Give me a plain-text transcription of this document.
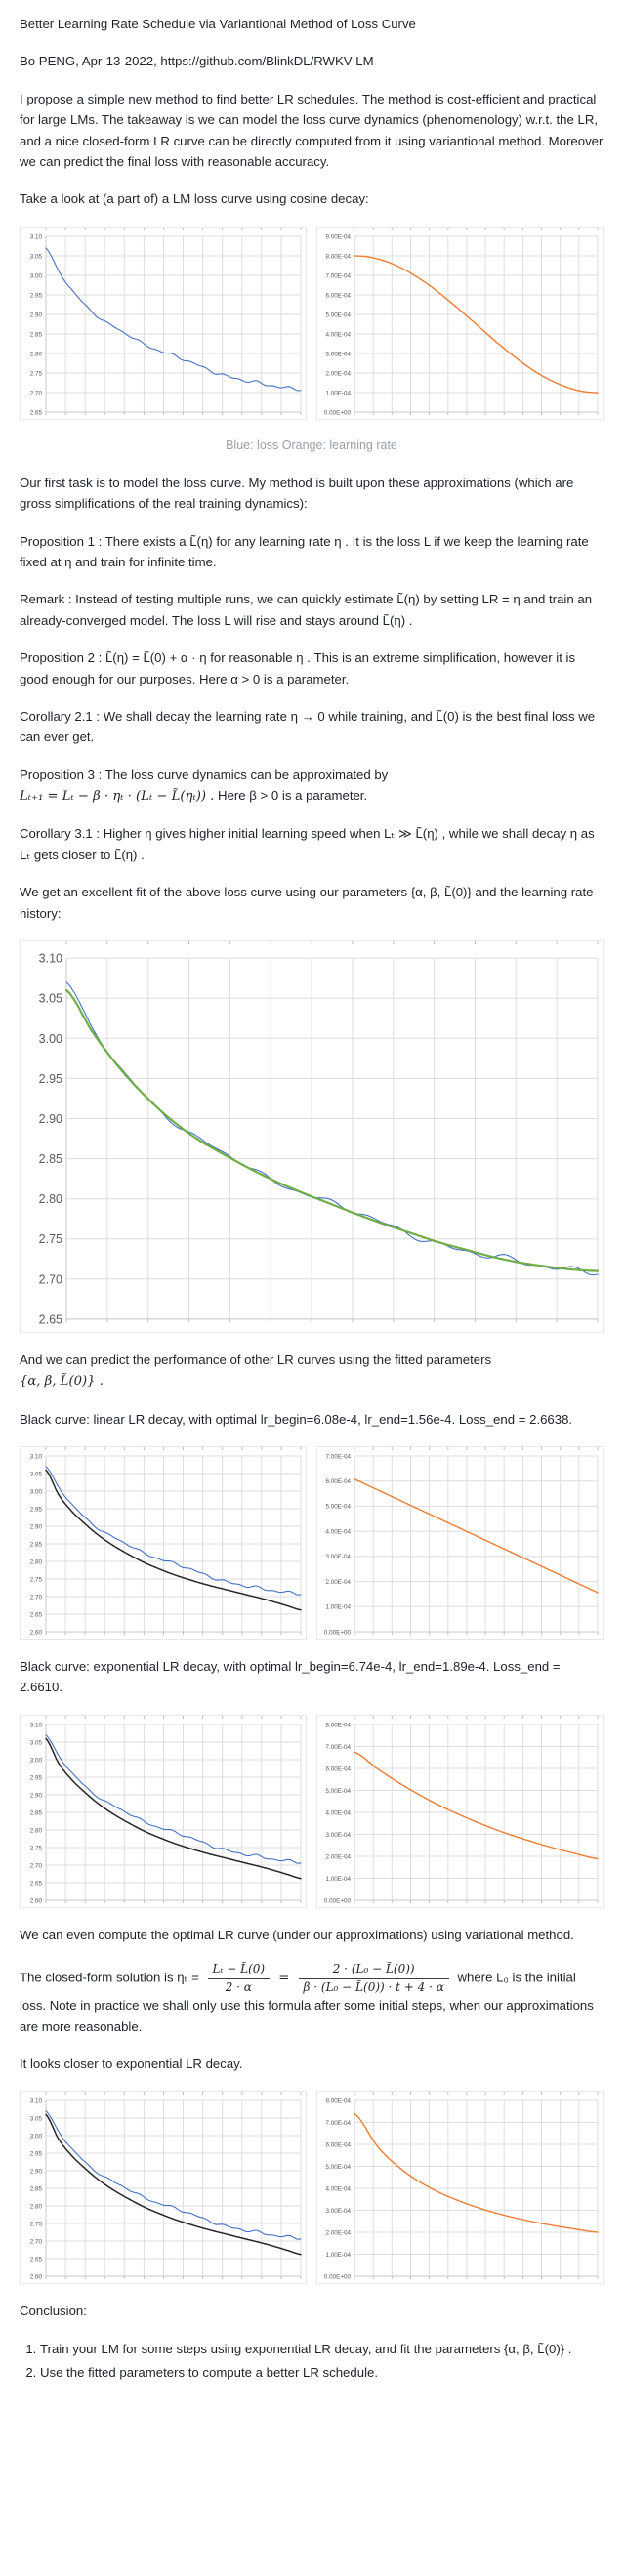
Better Learning Rate Schedule via Variantional Method of Loss Curve

Bo PENG, Apr-13-2022, https://github.com/BlinkDL/RWKV-LM

I propose a simple new method to find better LR schedules. The method is cost-efficient and practical for large LMs. The takeaway is we can model the loss curve dynamics (phenomenology) w.r.t. the LR, and a nice closed-form LR curve can be directly computed from it using variantional method. Moreover we can predict the final loss with reasonable accuracy.

Take a look at (a part of) a LM loss curve using cosine decay:

2.65
2.70
2.75
2.80
2.85
2.90
2.95
3.00
3.05
3.10
0.00E+00
1.00E-04
2.00E-04
3.00E-04
4.00E-04
5.00E-04
6.00E-04
7.00E-04
8.00E-04
9.00E-04

Blue: loss Orange: learning rate

Our first task is to model the loss curve. My method is built upon these approximations (which are gross simplifications of the real training dynamics):

Proposition 1 : There exists a L̃(η) for any learning rate η . It is the loss L if we keep the learning rate fixed at η and train for infinite time.

Remark : Instead of testing multiple runs, we can quickly estimate L̃(η) by setting LR = η and train an already-converged model. The loss L will rise and stays around L̃(η) .

Proposition 2 : L̃(η) = L̃(0) + α · η for reasonable η . This is an extreme simplification, however it is good enough for our purposes. Here α > 0 is a parameter.

Corollary 2.1 : We shall decay the learning rate η → 0 while training, and L̃(0) is the best final loss we can ever get.

Proposition 3 : The loss curve dynamics can be approximated by
Lₜ₊₁ = Lₜ − β · ηₜ · (Lₜ − L̃(ηₜ)) . Here β > 0 is a parameter.

Corollary 3.1 : Higher η gives higher initial learning speed when Lₜ ≫ L̃(η) , while we shall decay η as Lₜ gets closer to L̃(η) .

We get an excellent fit of the above loss curve using our parameters {α, β, L̃(0)} and the learning rate history:

2.65
2.70
2.75
2.80
2.85
2.90
2.95
3.00
3.05
3.10

And we can predict the performance of other LR curves using the fitted parameters
{α, β, L̃(0)} .

Black curve: linear LR decay, with optimal lr_begin=6.08e-4, lr_end=1.56e-4. Loss_end = 2.6638.

2.60
2.65
2.70
2.75
2.80
2.85
2.90
2.95
3.00
3.05
3.10
0.00E+00
1.00E-04
2.00E-04
3.00E-04
4.00E-04
5.00E-04
6.00E-04
7.00E-04

Black curve: exponential LR decay, with optimal lr_begin=6.74e-4, lr_end=1.89e-4. Loss_end = 2.6610.

2.60
2.65
2.70
2.75
2.80
2.85
2.90
2.95
3.00
3.05
3.10
0.00E+00
1.00E-04
2.00E-04
3.00E-04
4.00E-04
5.00E-04
6.00E-04
7.00E-04
8.00E-04

We can even compute the optimal LR curve (under our approximations) using variational method.

The closed-form solution is $\eta_t = \frac{\text{Lₜ − L̃(0)}}{2 \cdot \alpha} = \frac{\text{2 · (L₀ − L̃(0))}}{\text{β · (L₀ − L̃(0)) · t + 4 · α}}$ where L₀ is the initial loss. Note in practice we shall only use this formula after some initial steps, when our approximations are more reasonable.

It looks closer to exponential LR decay.

2.60
2.65
2.70
2.75
2.80
2.85
2.90
2.95
3.00
3.05
3.10
0.00E+00
1.00E-04
2.00E-04
3.00E-04
4.00E-04
5.00E-04
6.00E-04
7.00E-04
8.00E-04

Conclusion:

1. Train your LM for some steps using exponential LR decay, and fit the parameters {α, β, L̃(0)} .
2. Use the fitted parameters to compute a better LR schedule.
